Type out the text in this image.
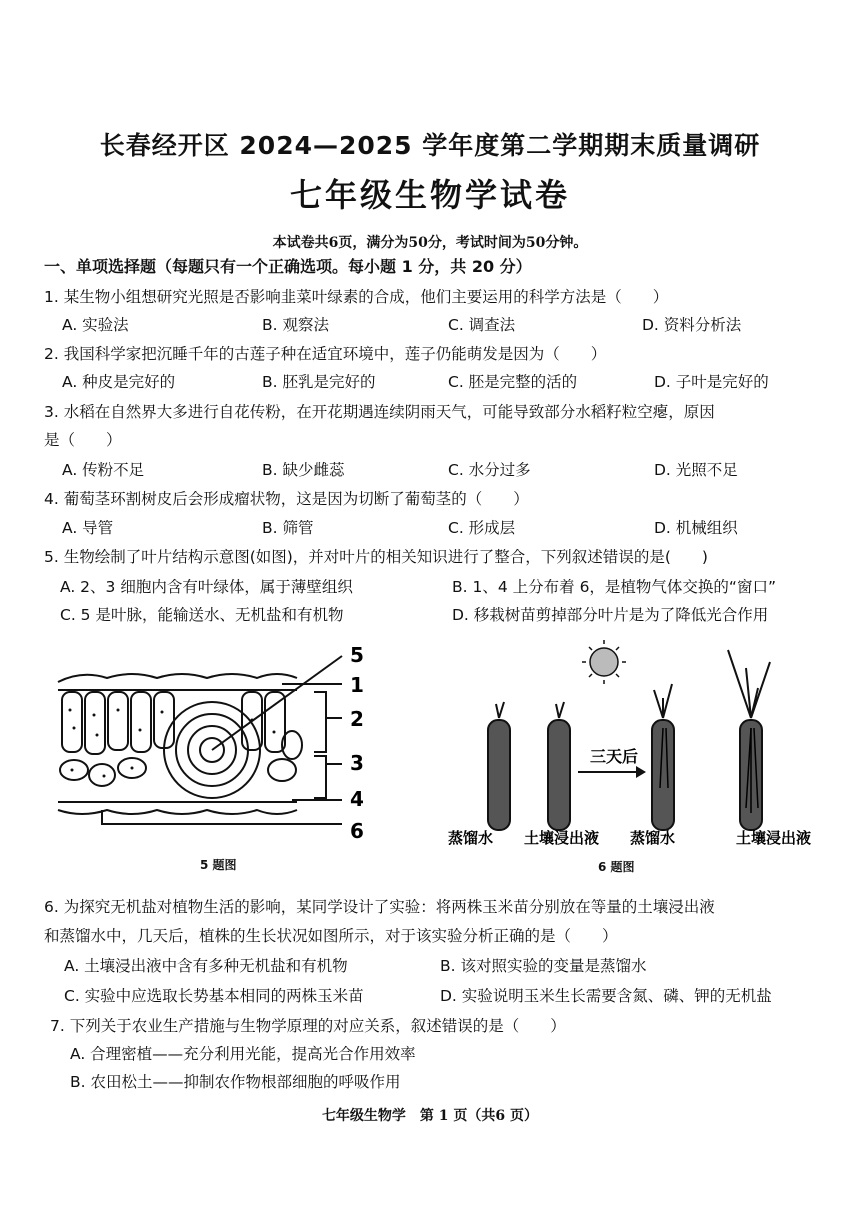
长春经开区 2024—2025 学年度第二学期期末质量调研
七年级生物学试卷
本试卷共6页，满分为50分，考试时间为50分钟。
一、单项选择题（每题只有一个正确选项。每小题 1 分，共 20 分）
1. 某生物小组想研究光照是否影响韭菜叶绿素的合成，他们主要运用的科学方法是（　　）
A. 实验法	B. 观察法	C. 调查法	D. 资料分析法
2. 我国科学家把沉睡千年的古莲子种在适宜环境中，莲子仍能萌发是因为（　　）
A. 种皮是完好的	B. 胚乳是完好的	C. 胚是完整的活的	D. 子叶是完好的
3. 水稻在自然界大多进行自花传粉，在开花期遇连续阴雨天气，可能导致部分水稻籽粒空瘪，原因
是（　　）
A. 传粉不足	B. 缺少雌蕊	C. 水分过多	D. 光照不足
4. 葡萄茎环割树皮后会形成瘤状物，这是因为切断了葡萄茎的（　　）
A. 导管	B. 筛管	C. 形成层	D. 机械组织
5. 生物绘制了叶片结构示意图(如图)，并对叶片的相关知识进行了整合，下列叙述错误的是(　　)
A. 2、3 细胞内含有叶绿体，属于薄壁组织	B. 1、4 上分布着 6，是植物气体交换的“窗口”
C. 5 是叶脉，能输送水、无机盐和有机物	D. 移栽树苗剪掉部分叶片是为了降低光合作用
5
1
2
3
4
6
5 题图
三天后
蒸馏水 土壤浸出液 蒸馏水	土壤浸出液
6 题图
6. 为探究无机盐对植物生活的影响，某同学设计了实验：将两株玉米苗分别放在等量的土壤浸出液
和蒸馏水中，几天后，植株的生长状况如图所示，对于该实验分析正确的是（　　）
A. 土壤浸出液中含有多种无机盐和有机物	B. 该对照实验的变量是蒸馏水
C. 实验中应选取长势基本相同的两株玉米苗	D. 实验说明玉米生长需要含氮、磷、钾的无机盐
7. 下列关于农业生产措施与生物学原理的对应关系，叙述错误的是（　　）
A. 合理密植——充分利用光能，提高光合作用效率
B. 农田松土——抑制农作物根部细胞的呼吸作用
七年级生物学　第 1 页（共6 页）
